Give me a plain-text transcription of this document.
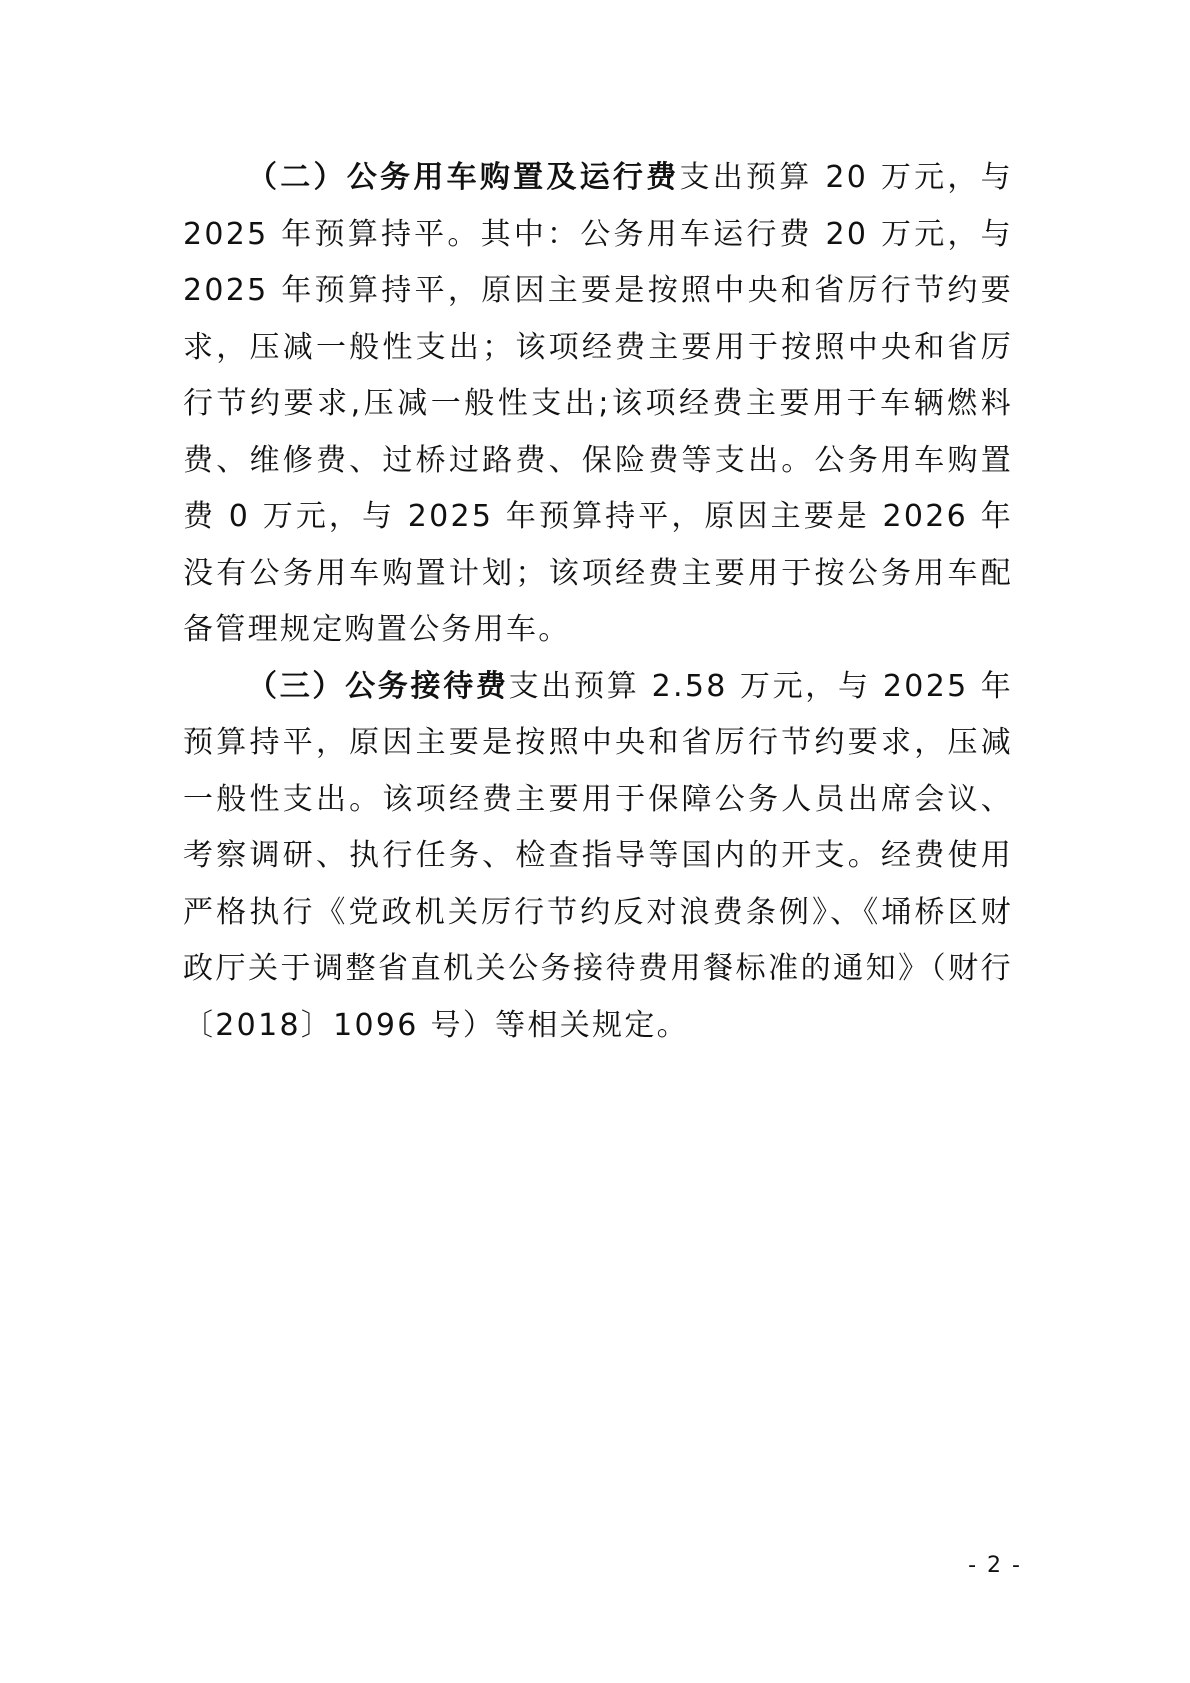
（二）公务用车购置及运行费支出预算 20 万元，与 2025 年预算持平。其中：公务用车运行费 20 万元，与 2025 年预算持平，原因主要是按照中央和省厉行节约要求，压减一般性支出；该项经费主要用于按照中央和省厉行节约要求,压减一般性支出;该项经费主要用于车辆燃料费、维修费、过桥过路费、保险费等支出。公务用车购置费 0 万元，与 2025 年预算持平，原因主要是 2026 年没有公务用车购置计划；该项经费主要用于按公务用车配备管理规定购置公务用车。

（三）公务接待费支出预算 2.58 万元，与 2025 年预算持平，原因主要是按照中央和省厉行节约要求，压减一般性支出。该项经费主要用于保障公务人员出席会议、考察调研、执行任务、检查指导等国内的开支。经费使用严格执行《党政机关厉行节约反对浪费条例》、《埇桥区财政厅关于调整省直机关公务接待费用餐标准的通知》（财行〔2018〕1096 号）等相关规定。

- 2 -
